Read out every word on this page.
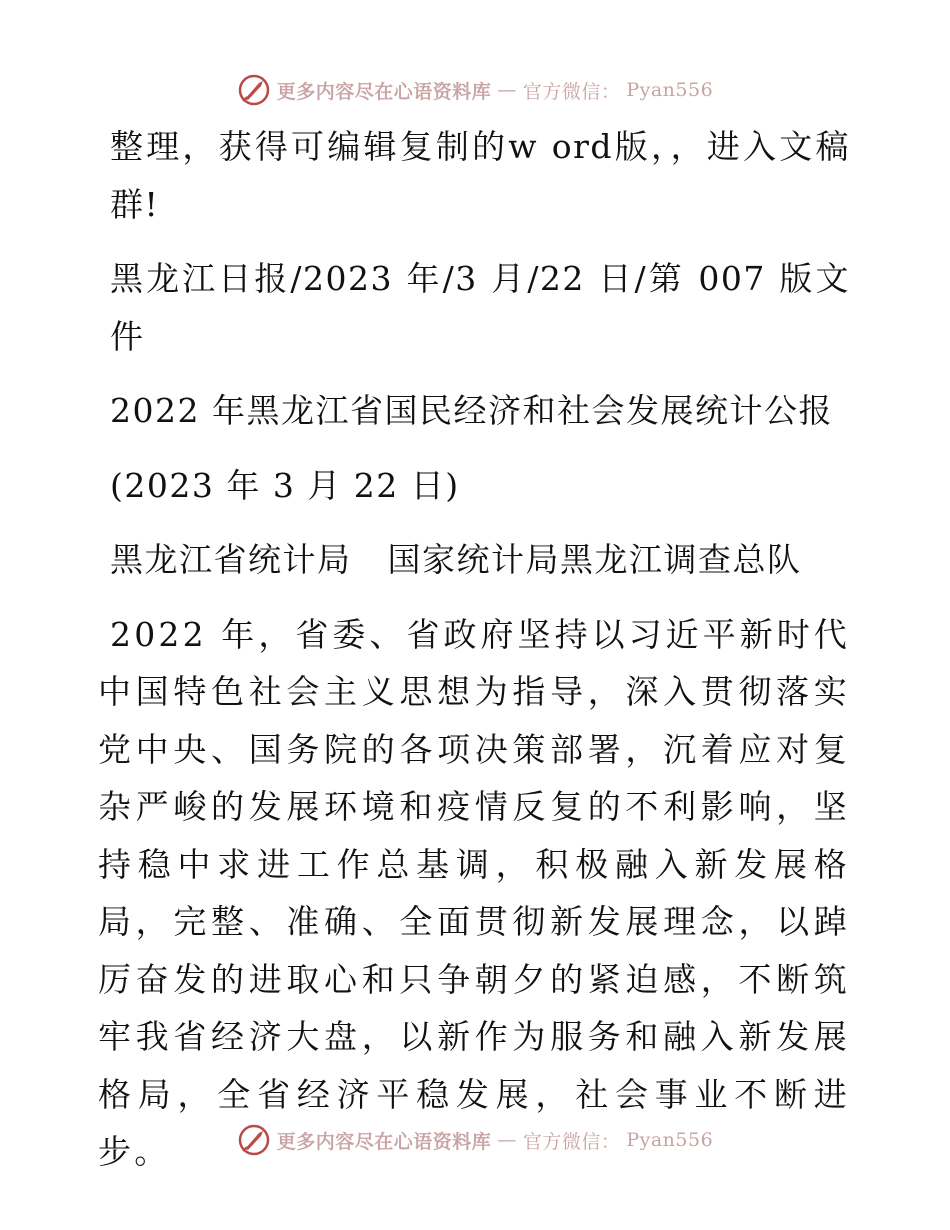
更多内容尽在心语资料库 — 官方微信： Pyan556

整理，获得可编辑复制的w ord版，，进入文稿群!

黑龙江日报/2023 年/3 月/22 日/第 007 版文件

2022 年黑龙江省国民经济和社会发展统计公报

(2023 年 3 月 22 日)

黑龙江省统计局   国家统计局黑龙江调查总队

2022 年，省委、省政府坚持以习近平新时代中国特色社会主义思想为指导，深入贯彻落实党中央、国务院的各项决策部署，沉着应对复杂严峻的发展环境和疫情反复的不利影响，坚持稳中求进工作总基调，积极融入新发展格局，完整、准确、全面贯彻新发展理念，以踔厉奋发的进取心和只争朝夕的紧迫感，不断筑牢我省经济大盘，以新作为服务和融入新发展格局，全省经济平稳发展，社会事业不断进步。	更多内容尽在心语资料库 — 官方微信： Pyan556
